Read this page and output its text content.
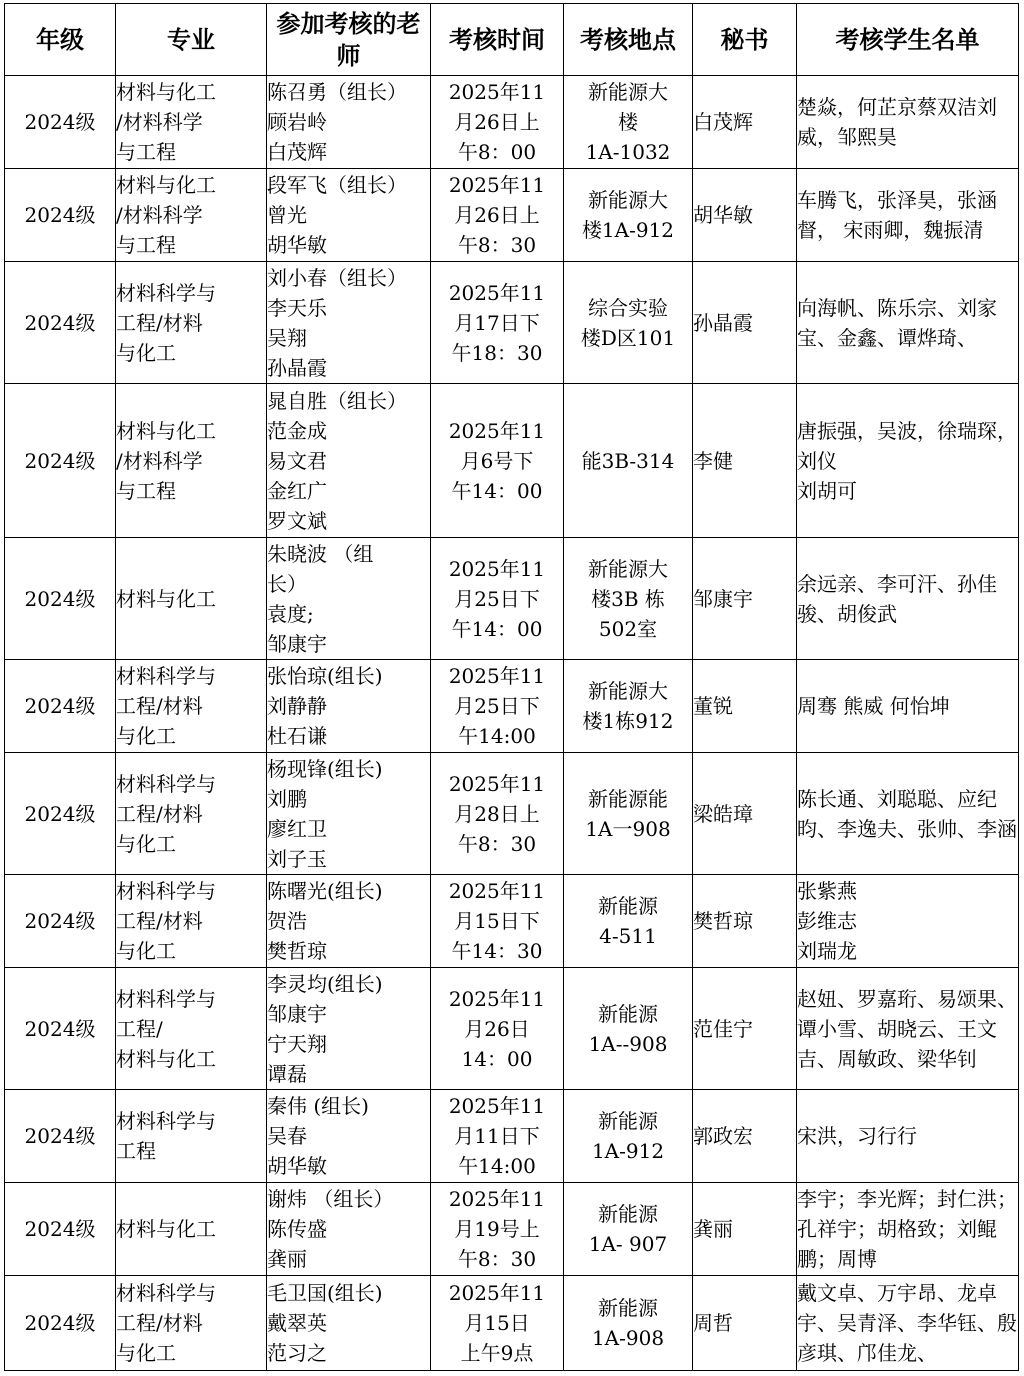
年级	专业	参加考核的老师	考核时间	考核地点	秘书	考核学生名单
2024级	材料与化工
/材料科学
与工程	陈召勇（组长）
顾岩岭
白茂辉	2025年11
月26日上
午8：00	新能源大
楼
1A-1032	白茂辉	楚焱，何芷京蔡双洁刘威，邹熙昊

2024级	材料与化工
/材料科学
与工程	段军飞（组长）
曾光
胡华敏	2025年11
月26日上
午8：30	新能源大
楼1A-912	胡华敏	车腾飞，张泽昊，张涵督， 宋雨卿，魏振清

2024级	材料科学与
工程/材料
与化工	刘小春（组长）
李天乐
吴翔
孙晶霞	2025年11
月17日下
午18：30	综合实验
楼D区101	孙晶霞	向海帆、陈乐宗、刘家宝、金鑫、谭烨琦、

2024级	材料与化工
/材料科学
与工程	晁自胜（组长）
范金成
易文君
金红广
罗文斌	2025年11
月6号下
午14：00	能3B-314	李健	唐振强，吴波，徐瑞琛，刘仪
刘胡可

2024级	材料与化工	朱晓波 （组
长）
袁度;
邹康宇	2025年11
月25日下
午14：00	新能源大
楼3B 栋
502室	邹康宇	余远亲、李可汗、孙佳骏、胡俊武

2024级	材料科学与
工程/材料
与化工	张怡琼(组长)
刘静静
杜石谦	2025年11
月25日下
午14:00	新能源大
楼1栋912	董锐	周骞 熊威 何怡坤

2024级	材料科学与
工程/材料
与化工	杨现锋(组长)
刘鹏
廖红卫
刘子玉	2025年11
月28日上
午8：30	新能源能
1A一908	梁皓璋	陈长通、刘聪聪、应纪昀、李逸夫、张帅、李涵

2024级	材料科学与
工程/材料
与化工	陈曙光(组长)
贺浩
樊哲琼	2025年11
月15日下
午14：30	新能源
4-511	樊哲琼	张紫燕
彭维志
刘瑞龙

2024级	材料科学与
工程/
材料与化工	李灵均(组长)
邹康宇
宁天翔
谭磊	2025年11
月26日
14：00	新能源
1A--908	范佳宁	赵妞、罗嘉珩、易颂果、谭小雪、胡晓云、王文吉、周敏政、梁华钊

2024级	材料科学与
工程	秦伟 (组长)
吴春
胡华敏	2025年11
月11日下
午14:00	新能源
1A-912	郭政宏	宋洪，习行行

2024级	材料与化工	谢炜 （组长）
陈传盛
龚丽	2025年11
月19号上
午8：30	新能源
1A- 907	龚丽	李宇；李光辉；封仁洪；孔祥宇；胡格致；刘鲲鹏；周博

2024级	材料科学与
工程/材料
与化工	毛卫国(组长)
戴翠英
范习之	2025年11
月15日
上午9点	新能源
1A-908	周哲	戴文卓、万宇昂、龙卓宇、吴青泽、李华钰、殷彦琪、邝佳龙、
